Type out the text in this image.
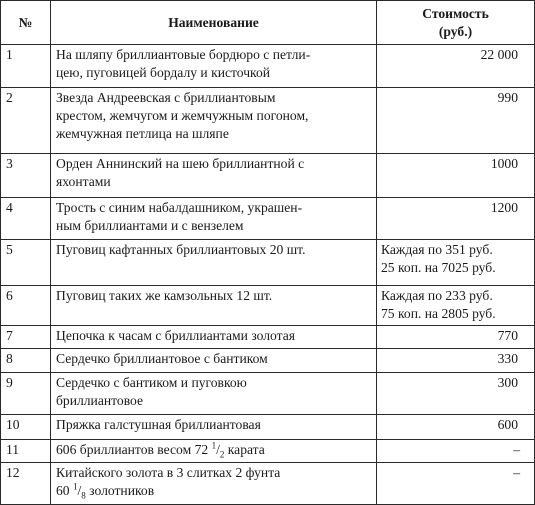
№	Наименование	Стоимость
(руб.)

1	На шляпу бриллиантовые бордюро с петли-
цею, пуговицей бордалу и кисточкой	22 000
2	Звезда Андреевская с бриллиантовым
крестом, жемчугом и жемчужным погоном,
жемчужная петлица на шляпе	990
3	Орден Аннинский на шею бриллиантной с
яхонтами	1000
4	Трость с синим набалдашником, украшен-
ным бриллиантами и с вензелем	1200
5	Пуговиц кафтанных бриллиантовых 20 шт.	Каждая по 351 руб.
25 коп. на 7025 руб.

6	Пуговиц таких же камзольных 12 шт.	Каждая по 233 руб.
75 коп. на 2805 руб.

7	Цепочка к часам с бриллиантами золотая	770
8	Сердечко бриллиантовое с бантиком	330
9	Сердечко с бантиком и пуговкою
бриллиантовое	300
10	Пряжка галстушная бриллиантовая	600
11	606 бриллиантов весом 72 $^1/_2$ карата	–
12	Китайского золота в 3 слитках 2 фунта
60 $^1/_8$ золотников	–
